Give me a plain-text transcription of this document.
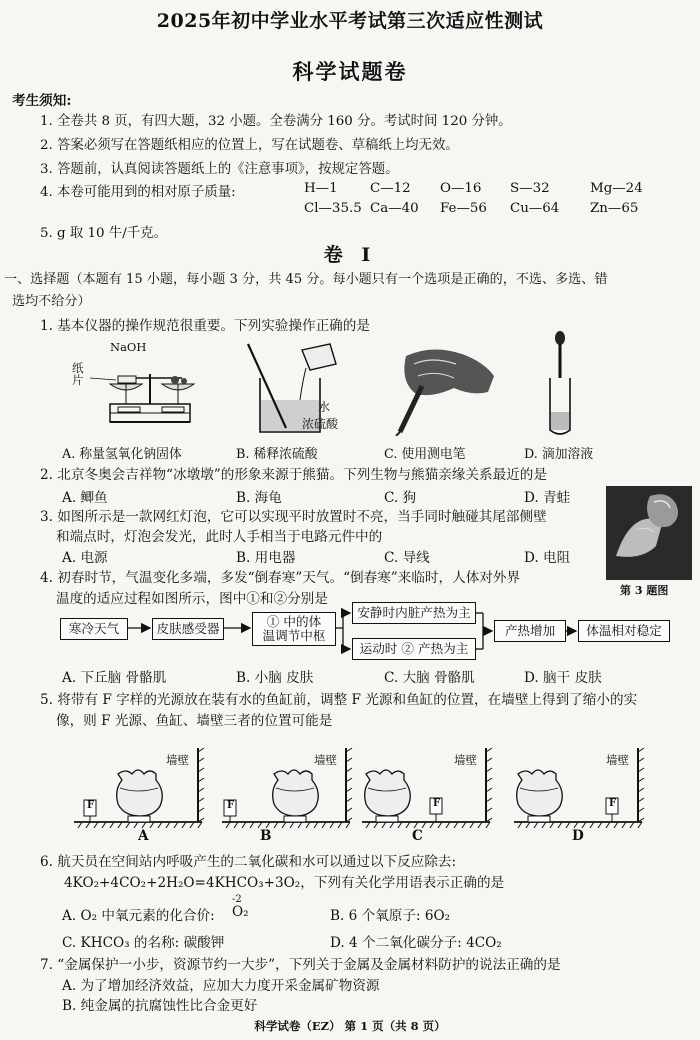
2025年初中学业水平考试第三次适应性测试
科学试题卷
考生须知:
1. 全卷共 8 页，有四大题，32 小题。全卷满分 160 分。考试时间 120 分钟。
2. 答案必须写在答题纸相应的位置上，写在试题卷、草稿纸上均无效。
3. 答题前，认真阅读答题纸上的《注意事项》，按规定答题。
4. 本卷可能用到的相对原子质量:	H—1 C—12 O—16 S—32	Mg—24
Cl—35.5 Ca—40 Fe—56 Cu—64 Zn—65
5. g 取 10 牛/千克。
卷 Ⅰ
一、选择题（本题有 15 小题，每小题 3 分，共 45 分。每小题只有一个选项是正确的，不选、多选、错
选均不给分）
1. 基本仪器的操作规范很重要。下列实验操作正确的是
NaOH
纸片
水
浓硫酸
A. 称量氢氧化钠固体	B. 稀释浓硫酸	C. 使用测电笔	D. 滴加溶液
2. 北京冬奥会吉祥物“冰墩墩”的形象来源于熊猫。下列生物与熊猫亲缘关系最近的是
A. 鲫鱼	B. 海龟	C. 狗	D. 青蛙
3. 如图所示是一款网红灯泡，它可以实现平时放置时不亮，当手同时触碰其尾部侧壁
和端点时，灯泡会发光，此时人手相当于电路元件中的
A. 电源	B. 用电器	C. 导线	D. 电阻
第 3 题图
4. 初春时节，气温变化多端，多发“倒春寒”天气。“倒春寒”来临时，人体对外界
温度的适应过程如图所示，图中①和②分别是
寒冷天气	皮肤感受器	① 中的体
温调节中枢
安静时内脏产热为主
运动时 ② 产热为主
产热增加	体温相对稳定
A. 下丘脑 骨骼肌	B. 小脑 皮肤	C. 大脑 骨骼肌	D. 脑干 皮肤
5. 将带有 F 字样的光源放在装有水的鱼缸前，调整 F 光源和鱼缸的位置，在墙壁上得到了缩小的实
像，则 F 光源、鱼缸、墙壁三者的位置可能是
墙壁	墙壁	墙壁	墙壁
F	F	F	F
A	B	C	D
6. 航天员在空间站内呼吸产生的二氧化碳和水可以通过以下反应除去:
4KO₂+4CO₂+2H₂O=4KHCO₃+3O₂，下列有关化学用语表示正确的是
A. O₂ 中氧元素的化合价:
-2
O₂	B. 6 个氧原子: 6O₂
C. KHCO₃ 的名称: 碳酸钾	D. 4 个二氧化碳分子: 4CO₂
7. “金属保护一小步，资源节约一大步”，下列关于金属及金属材料防护的说法正确的是
A. 为了增加经济效益，应加大力度开采金属矿物资源
B. 纯金属的抗腐蚀性比合金更好
科学试卷（EZ） 第 1 页（共 8 页）
